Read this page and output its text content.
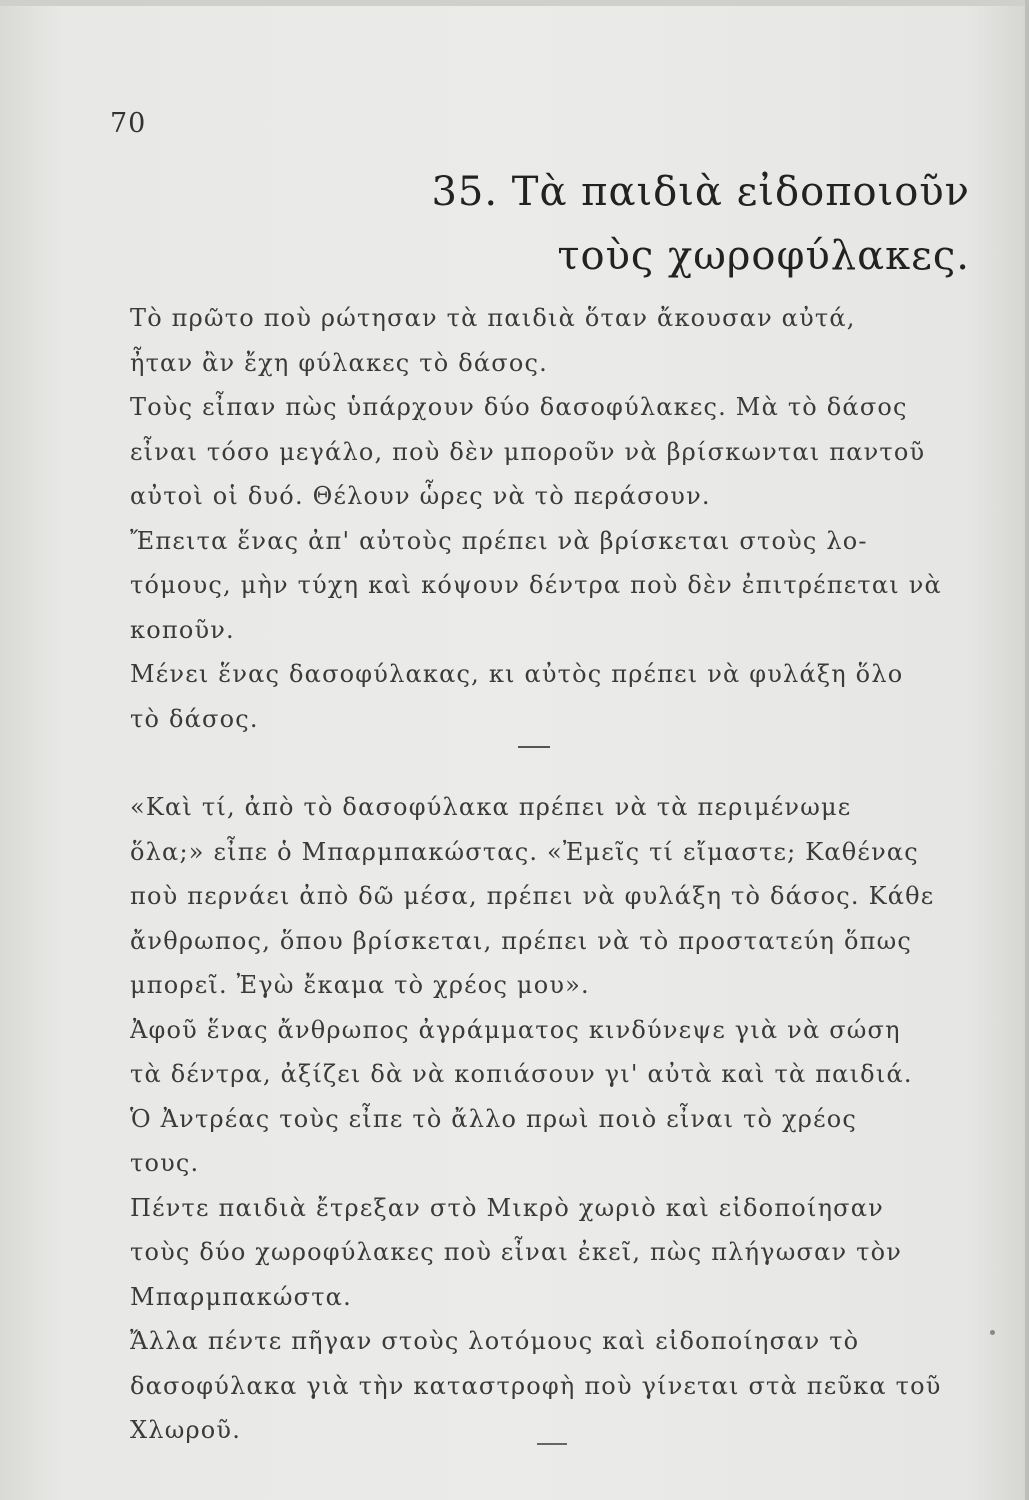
70
35. Τὰ παιδιὰ εἰδοποιοῦν
τοὺς χωροφύλακες.
Τὸ πρῶτο ποὺ ρώτησαν τὰ παιδιὰ ὅταν ἄκουσαν αὐτά,
ἦταν ἂν ἔχη φύλακες τὸ δάσος.
Τοὺς εἶπαν πὼς ὑπάρχουν δύο δασοφύλακες. Μὰ τὸ δάσος
εἶναι τόσο μεγάλο, ποὺ δὲν μποροῦν νὰ βρίσκωνται παντοῦ
αὐτοὶ οἱ δυό. Θέλουν ὧρες νὰ τὸ περάσουν.
Ἔπειτα ἕνας ἀπ' αὐτοὺς πρέπει νὰ βρίσκεται στοὺς λο-
τόμους, μὴν τύχη καὶ κόψουν δέντρα ποὺ δὲν ἐπιτρέπεται νὰ
κοποῦν.
Μένει ἕνας δασοφύλακας, κι αὐτὸς πρέπει νὰ φυλάξη ὅλο
τὸ δάσος.
«Καὶ τί, ἀπὸ τὸ δασοφύλακα πρέπει νὰ τὰ περιμένωμε
ὅλα;» εἶπε ὁ Μπαρμπακώστας. «Ἐμεῖς τί εἴμαστε; Καθένας
ποὺ περνάει ἀπὸ δῶ μέσα, πρέπει νὰ φυλάξη τὸ δάσος. Κάθε
ἄνθρωπος, ὅπου βρίσκεται, πρέπει νὰ τὸ προστατεύη ὅπως
μπορεῖ. Ἐγὼ ἔκαμα τὸ χρέος μου».
Ἀφοῦ ἕνας ἄνθρωπος ἀγράμματος κινδύνεψε γιὰ νὰ σώση
τὰ δέντρα, ἀξίζει δὰ νὰ κοπιάσουν γι' αὐτὰ καὶ τὰ παιδιά.
Ὁ Ἀντρέας τοὺς εἶπε τὸ ἄλλο πρωὶ ποιὸ εἶναι τὸ χρέος
τους.
Πέντε παιδιὰ ἔτρεξαν στὸ Μικρὸ χωριὸ καὶ εἰδοποίησαν
τοὺς δύο χωροφύλακες ποὺ εἶναι ἐκεῖ, πὼς πλήγωσαν τὸν
Μπαρμπακώστα.
Ἄλλα πέντε πῆγαν στοὺς λοτόμους καὶ εἰδοποίησαν τὸ
δασοφύλακα γιὰ τὴν καταστροφὴ ποὺ γίνεται στὰ πεῦκα τοῦ
Χλωροῦ.
